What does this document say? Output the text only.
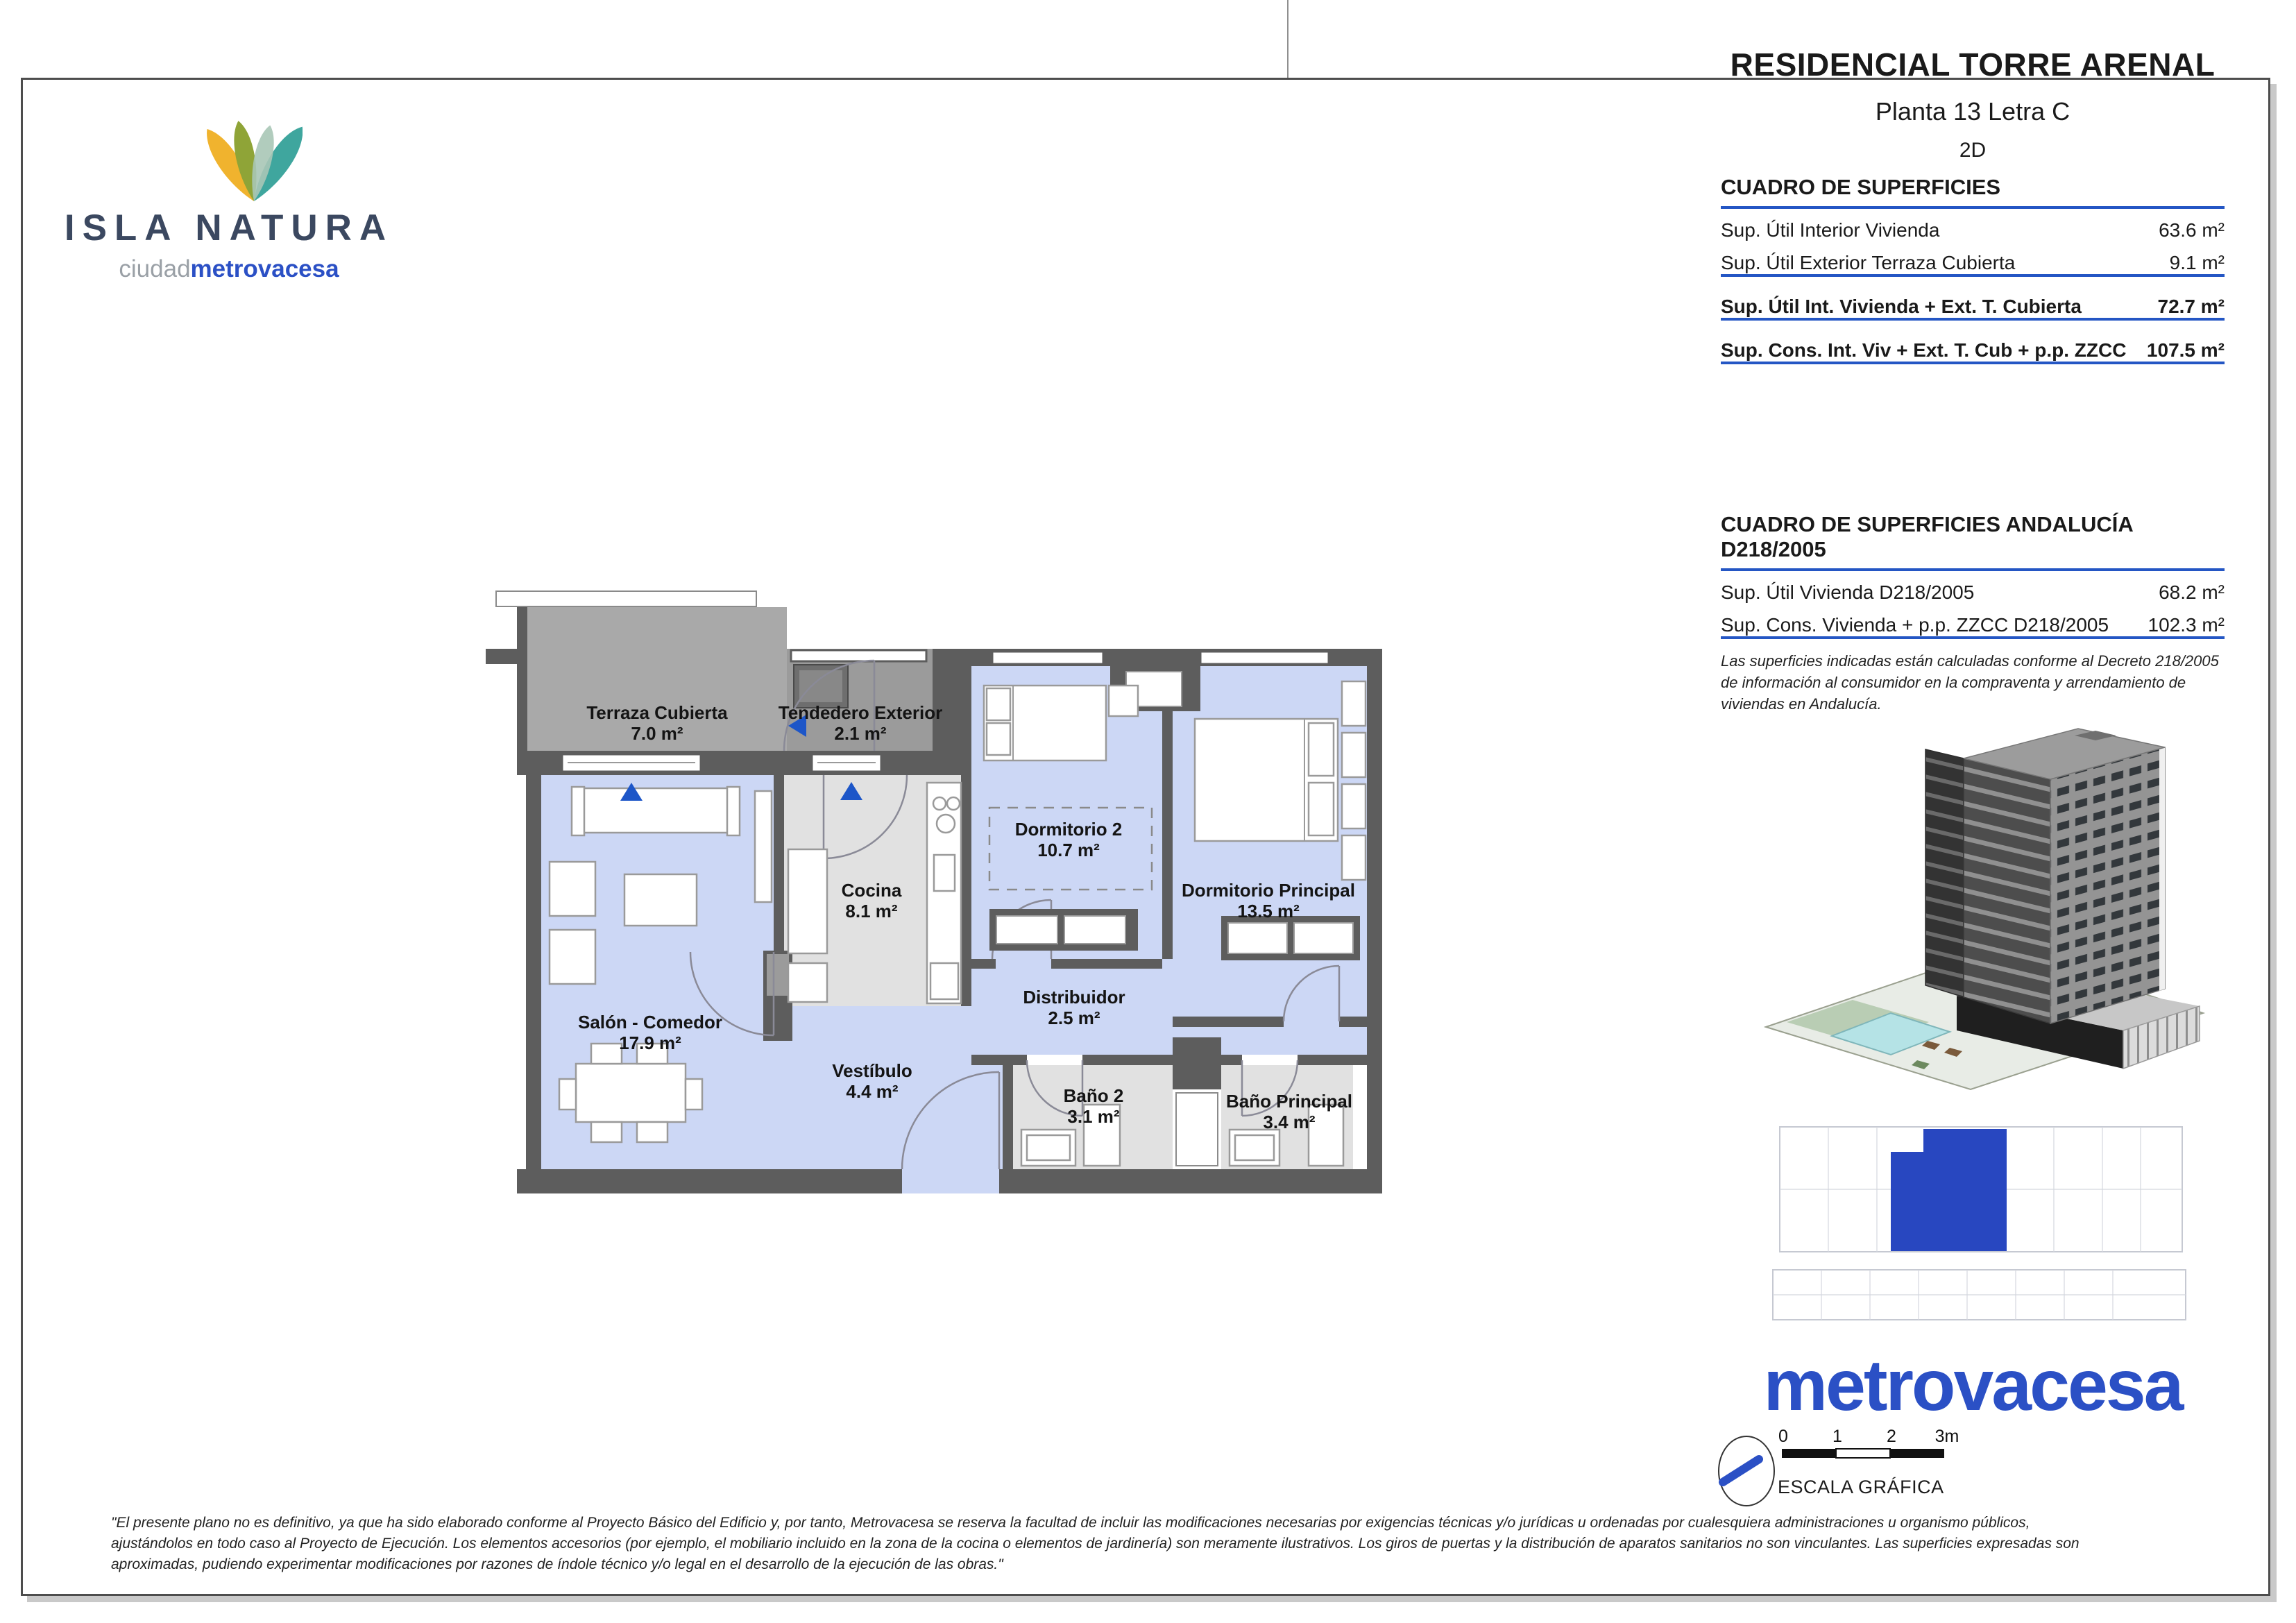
ISLA NATURA
ciudadmetrovacesa
RESIDENCIAL TORRE ARENAL
Planta 13 Letra C
2D
CUADRO DE SUPERFICIES
Sup. Útil Interior Vivienda	63.6 m²
Sup. Útil Exterior Terraza Cubierta	9.1 m²
Sup. Útil Int. Vivienda + Ext. T. Cubierta	72.7 m²
Sup. Cons. Int. Viv + Ext. T. Cub + p.p. ZZCC 107.5 m²
CUADRO DE SUPERFICIES ANDALUCÍA D218/2005
Sup. Útil Vivienda D218/2005	68.2 m²
Sup. Cons. Vivienda + p.p. ZZCC D218/2005 102.3 m²
Las superficies indicadas están calculadas conforme al Decreto 218/2005
de información al consumidor en la compraventa y arrendamiento de
viviendas en Andalucía.
Terraza Cubierta
7.0 m²
Tendedero Exterior
2.1 m²
Salón - Comedor
17.9 m²
Cocina
8.1 m²
Vestíbulo
4.4 m²
Distribuidor
2.5 m²
Dormitorio 2
10.7 m²
Dormitorio Principal
13.5 m²
Baño 2
3.1 m²
Baño Principal
3.4 m²
metrovacesa
0	1	2 3m
ESCALA GRÁFICA
"El presente plano no es definitivo, ya que ha sido elaborado conforme al Proyecto Básico del Edificio y, por tanto, Metrovacesa se reserva la facultad de incluir las modificaciones necesarias por exigencias técnicas y/o jurídicas u ordenadas por cualesquiera administraciones u organismo públicos,
ajustándolos en todo caso al Proyecto de Ejecución. Los elementos accesorios (por ejemplo, el mobiliario incluido en la zona de la cocina o elementos de jardinería) son meramente ilustrativos. Los giros de puertas y la distribución de aparatos sanitarios no son vinculantes. Las superficies expresadas son
aproximadas, pudiendo experimentar modificaciones por razones de índole técnico y/o legal en el desarrollo de la ejecución de las obras."
